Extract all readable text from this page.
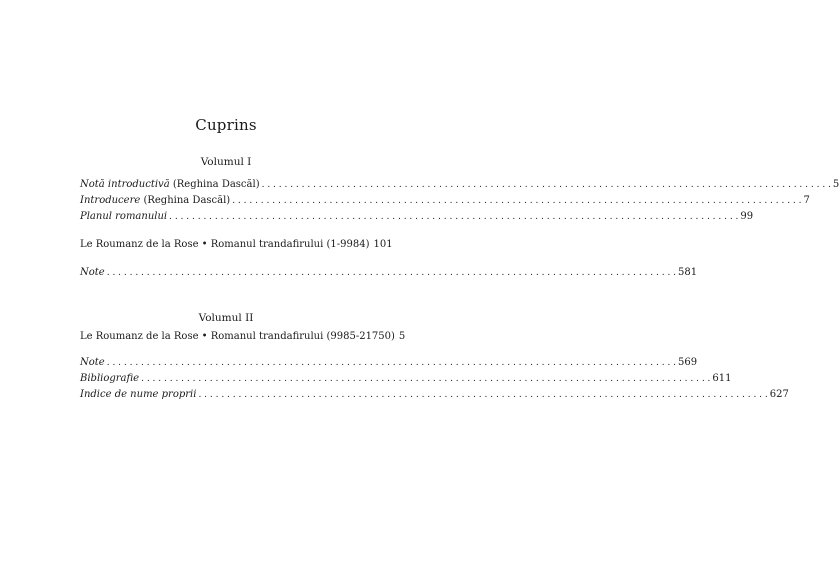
Cuprins
Volumul I
Notă introductivă (Reghina Dascăl) . . .	5
Introducere (Reghina Dascăl) . . .	7
Planul romanului . . .	99
Le Roumanz de la Rose • Romanul trandafirului (1-9984) 101
Note . . .	581
Volumul II
Le Roumanz de la Rose • Romanul trandafirului (9985-21750) 5
Note . . .	569
Bibliografie . . .	611
Indice de nume proprii . . .	627
